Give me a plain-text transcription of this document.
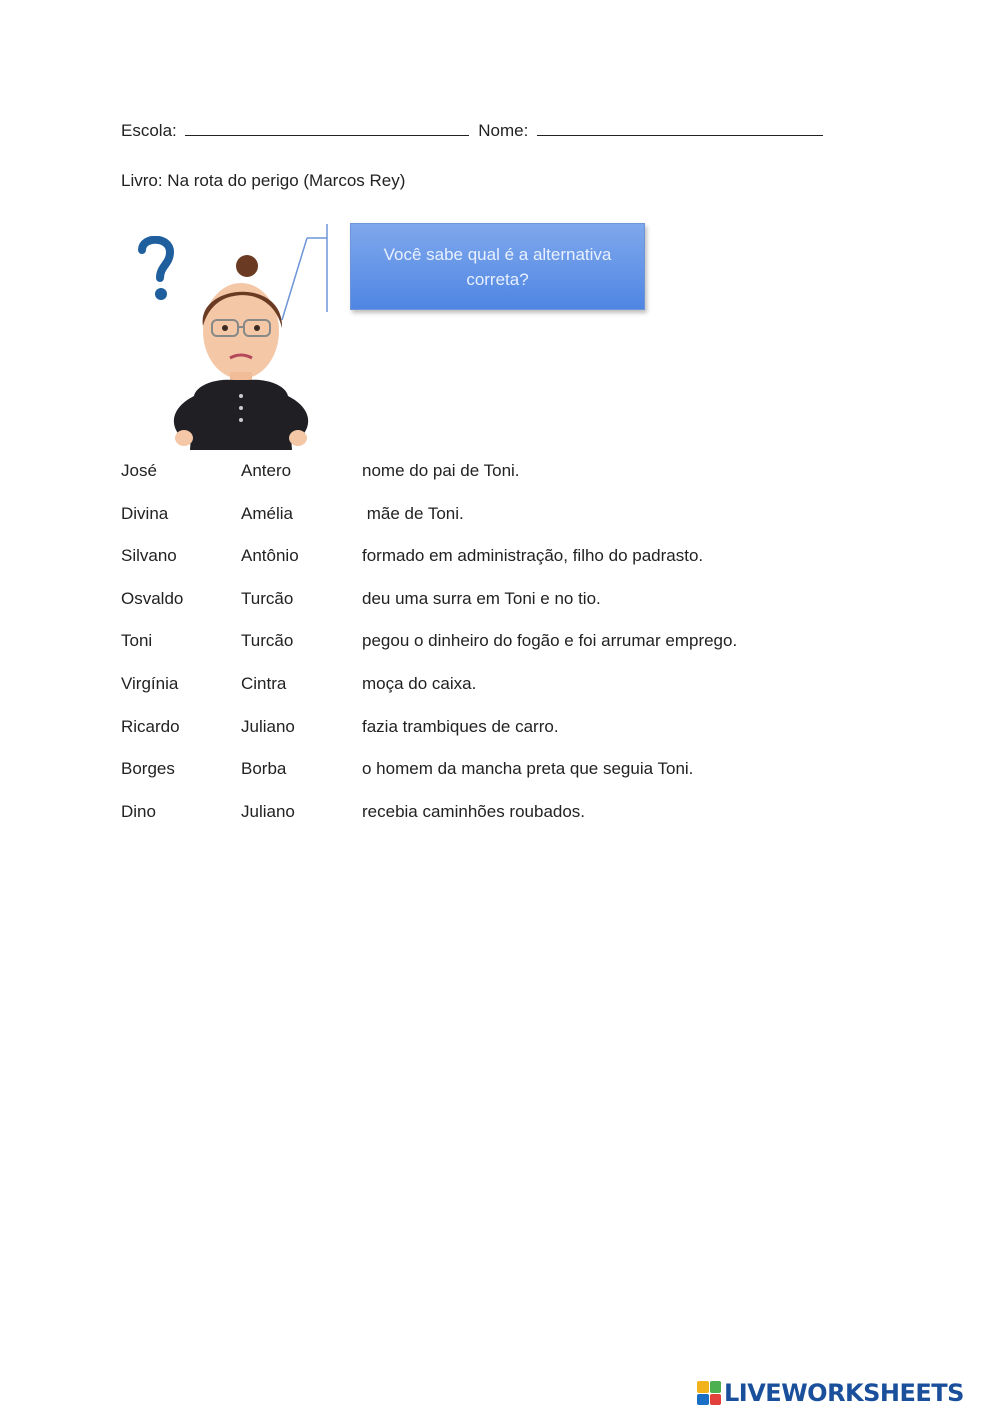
Escola:	Nome:
Livro: Na rota do perigo (Marcos Rey)
Você sabe qual é a alternativa correta?
José	Antero	nome do pai de Toni.
Divina	Amélia	mãe de Toni.
Silvano	Antônio	formado em administração, filho do padrasto.
Osvaldo	Turcão	deu uma surra em Toni e no tio.
Toni	Turcão	pegou o dinheiro do fogão e foi arrumar emprego.
Virgínia	Cintra	moça do caixa.
Ricardo	Juliano	fazia trambiques de carro.
Borges	Borba	o homem da mancha preta que seguia Toni.
Dino	Juliano	recebia caminhões roubados.
LIVEWORKSHEETS
